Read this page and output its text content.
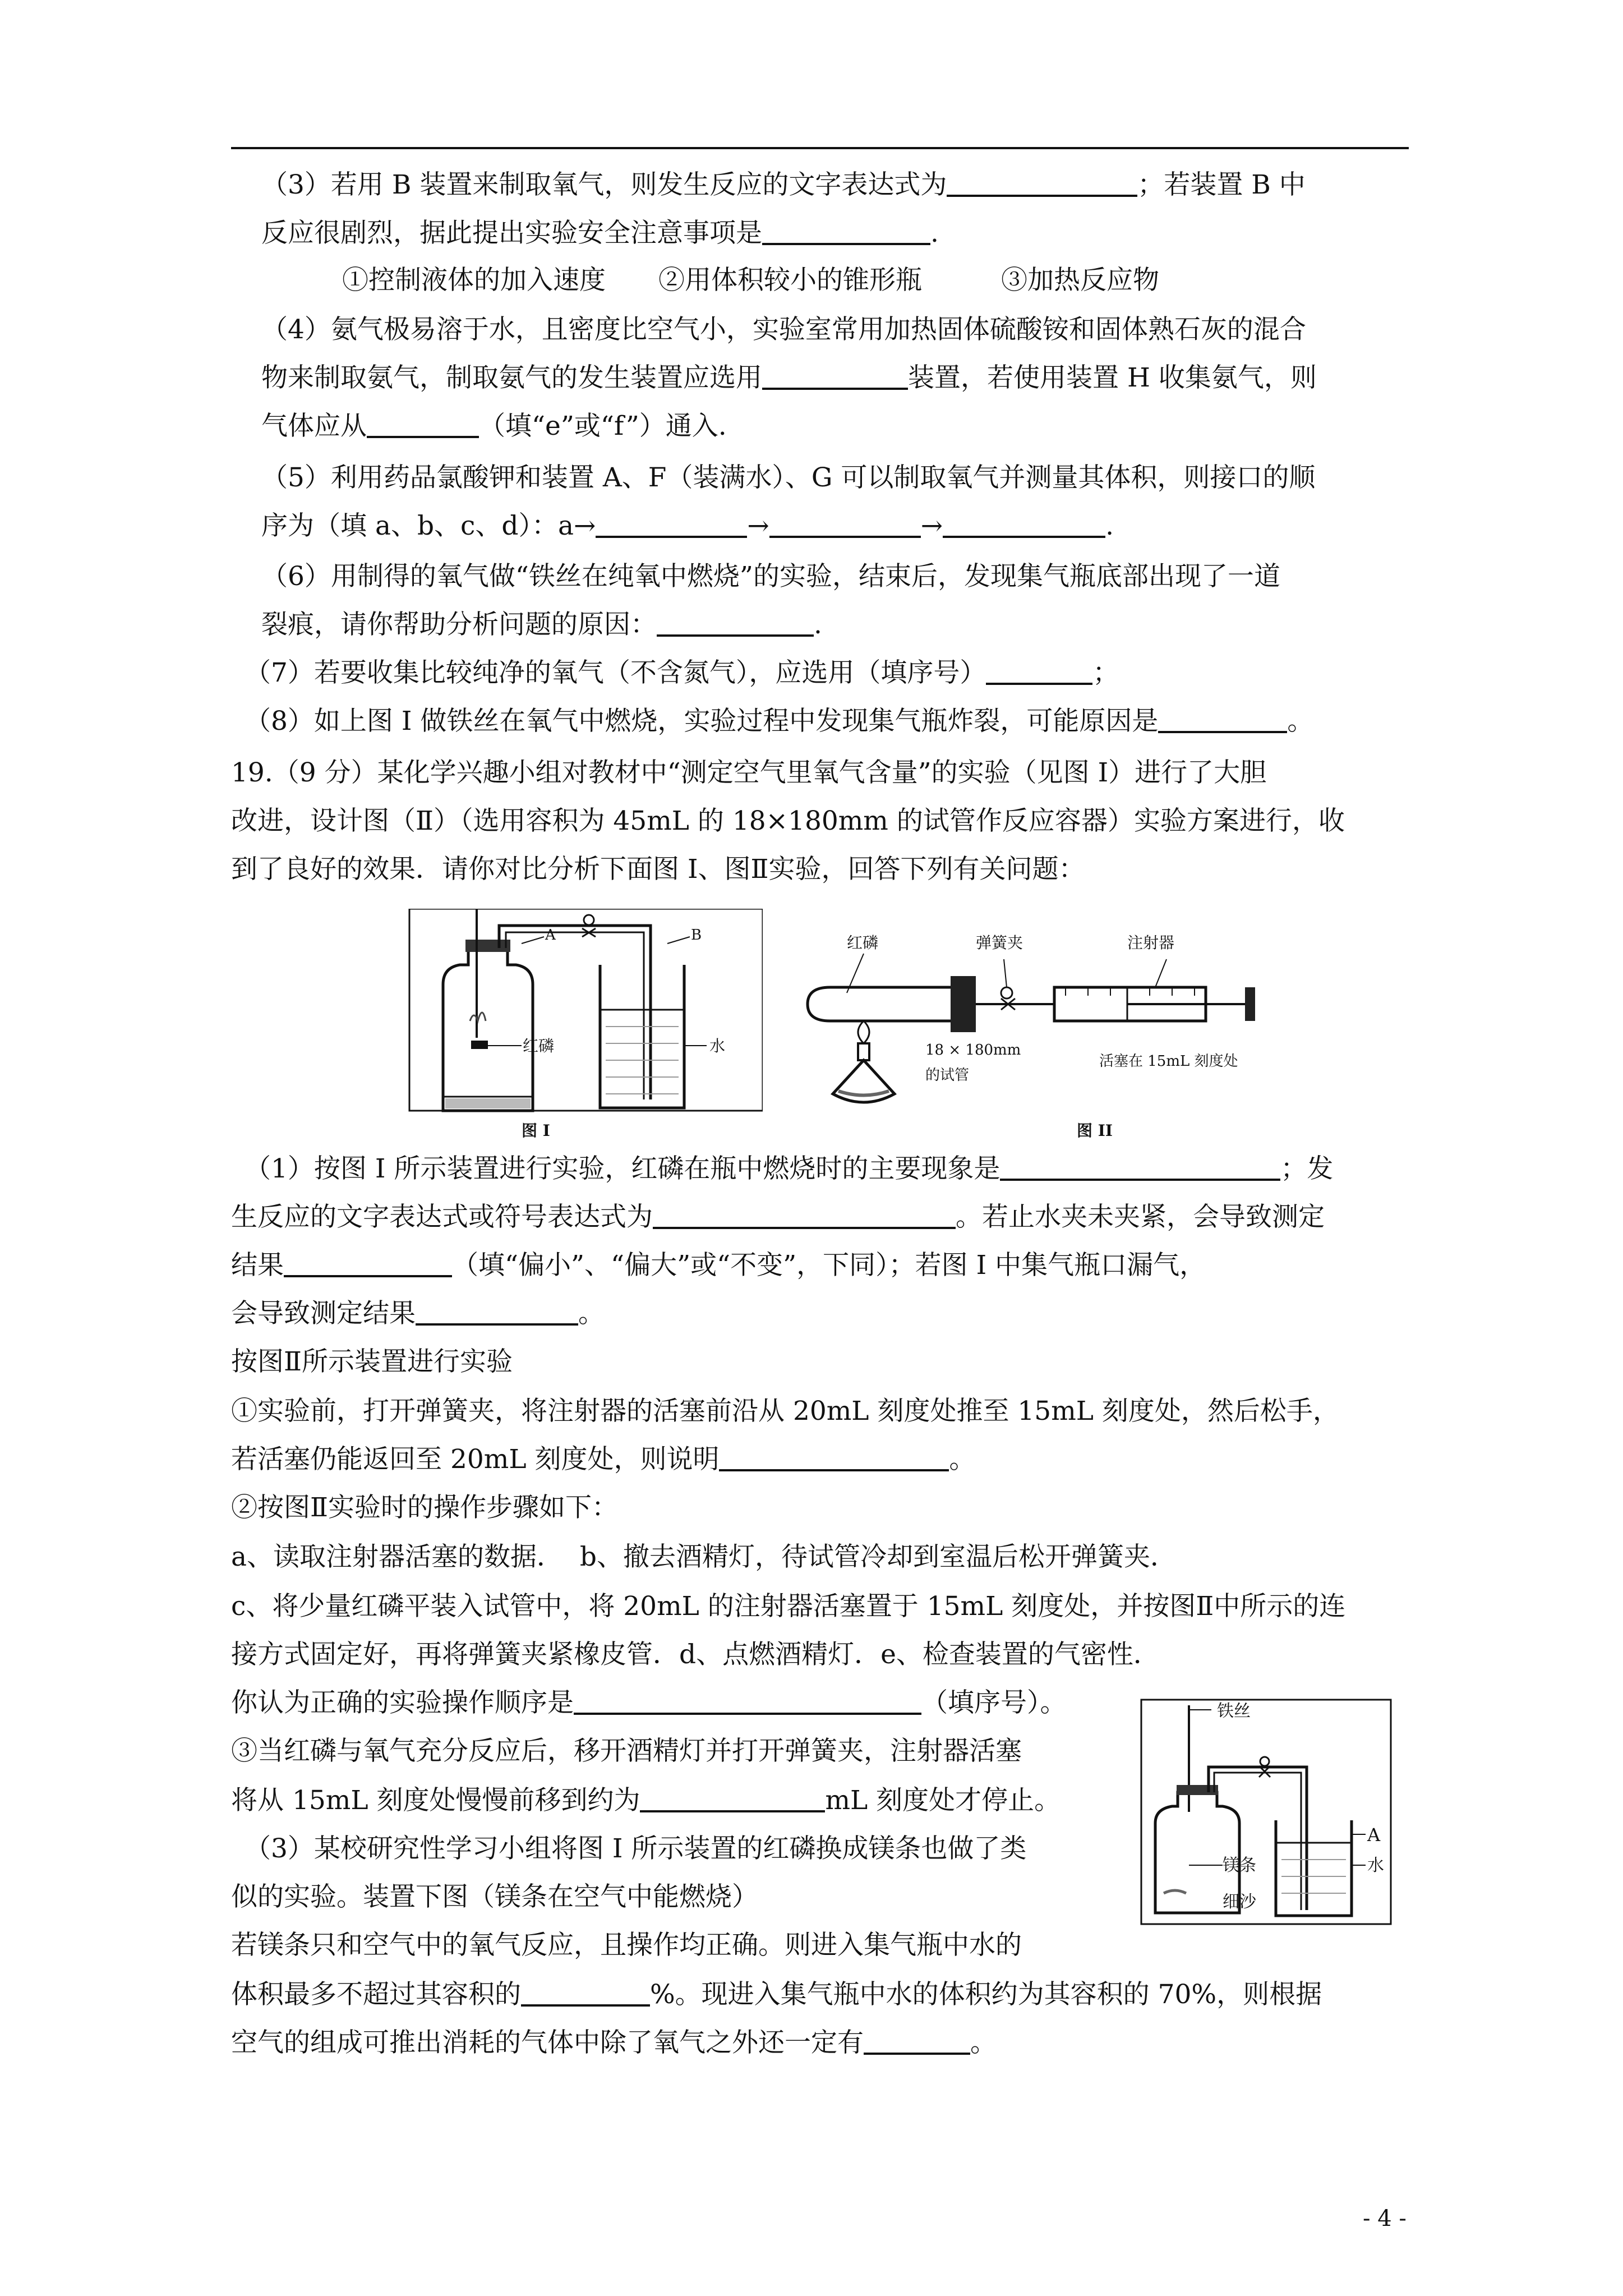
（3）若用 B 装置来制取氧气，则发生反应的文字表达式为	；若装置 B 中
反应很剧烈，据此提出实验安全注意事项是	.
①控制液体的加入速度　　②用体积较小的锥形瓶　　　③加热反应物
（4）氨气极易溶于水，且密度比空气小，实验室常用加热固体硫酸铵和固体熟石灰的混合
物来制取氨气，制取氨气的发生装置应选用	装置，若使用装置 H 收集氨气，则
气体应从	（填“e”或“f”）通入.
（5）利用药品氯酸钾和装置 A、F（装满水）、G 可以制取氧气并测量其体积，则接口的顺
序为（填 a、b、c、d）：a→	→	→	.
（6）用制得的氧气做“铁丝在纯氧中燃烧”的实验，结束后，发现集气瓶底部出现了一道
裂痕，请你帮助分析问题的原因：	.
（7）若要收集比较纯净的氧气（不含氮气），应选用（填序号）	；
（8）如上图 I 做铁丝在氧气中燃烧，实验过程中发现集气瓶炸裂，可能原因是	。
19.（9 分）某化学兴趣小组对教材中“测定空气里氧气含量”的实验（见图 I）进行了大胆
改进，设计图（Ⅱ）（选用容积为 45mL 的 18×180mm 的试管作反应容器）实验方案进行，收
到了良好的效果．请你对比分析下面图 I、图Ⅱ实验，回答下列有关问题：
A	B
红磷	水
图 I
红磷	弹簧夹	注射器
18 × 180mm
的试管
活塞在 15mL 刻度处
图 II
（1）按图 I 所示装置进行实验，红磷在瓶中燃烧时的主要现象是	；发
生反应的文字表达式或符号表达式为	。若止水夹未夹紧，会导致测定
结果	（填“偏小”、“偏大”或“不变”，下同）；若图 I 中集气瓶口漏气，
会导致测定结果	。
按图Ⅱ所示装置进行实验
①实验前，打开弹簧夹，将注射器的活塞前沿从 20mL 刻度处推至 15mL 刻度处，然后松手，
若活塞仍能返回至 20mL 刻度处，则说明	。
②按图Ⅱ实验时的操作步骤如下：
a、读取注射器活塞的数据．  b、撤去酒精灯，待试管冷却到室温后松开弹簧夹．
c、将少量红磷平装入试管中，将 20mL 的注射器活塞置于 15mL 刻度处，并按图Ⅱ中所示的连
接方式固定好，再将弹簧夹紧橡皮管．d、点燃酒精灯．e、检查装置的气密性．
你认为正确的实验操作顺序是	（填序号）。
③当红磷与氧气充分反应后，移开酒精灯并打开弹簧夹，注射器活塞
将从 15mL 刻度处慢慢前移到约为	mL 刻度处才停止。
（3）某校研究性学习小组将图 I 所示装置的红磷换成镁条也做了类
似的实验。装置下图（镁条在空气中能燃烧）
若镁条只和空气中的氧气反应，且操作均正确。则进入集气瓶中水的
体积最多不超过其容积的	%。现进入集气瓶中水的体积约为其容积的 70%，则根据
空气的组成可推出消耗的气体中除了氧气之外还一定有	。
铁丝
A
镁条	水
细沙
- 4 -
